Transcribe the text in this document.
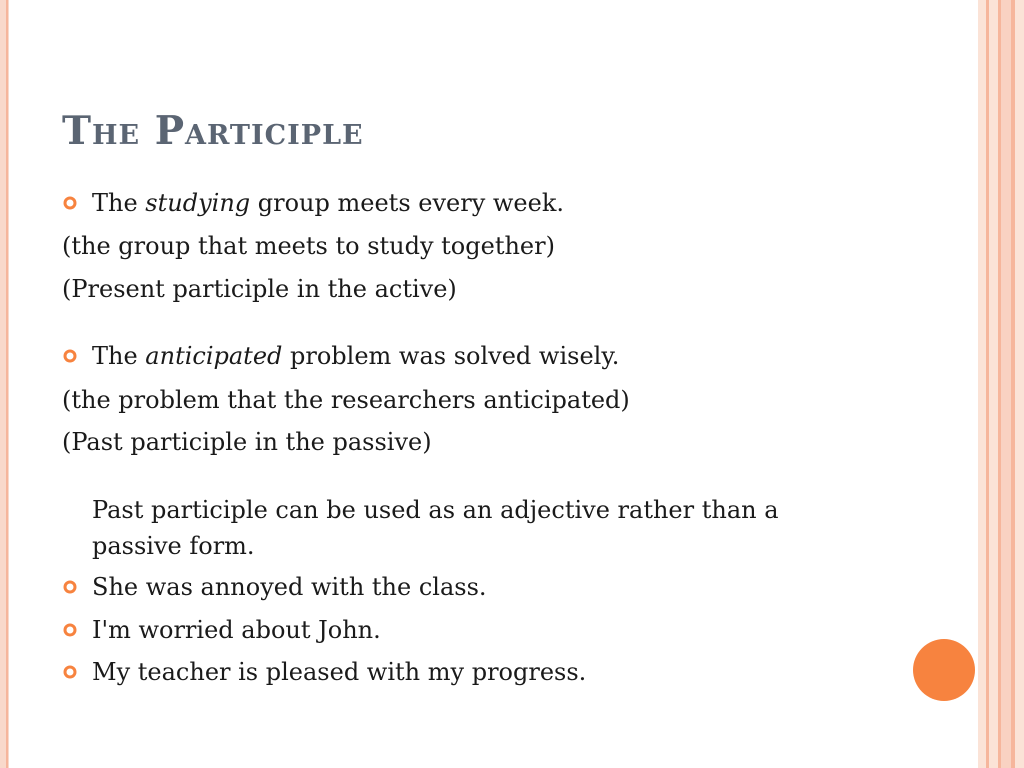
The Participle
The studying group meets every week.
(the group that meets to study together)
(Present participle in the active)
The anticipated problem was solved wisely.
(the problem that the researchers anticipated)
(Past participle in the passive)
Past participle can be used as an adjective rather than a
passive form.
She was annoyed with the class.
I'm worried about John.
My teacher is pleased with my progress.
